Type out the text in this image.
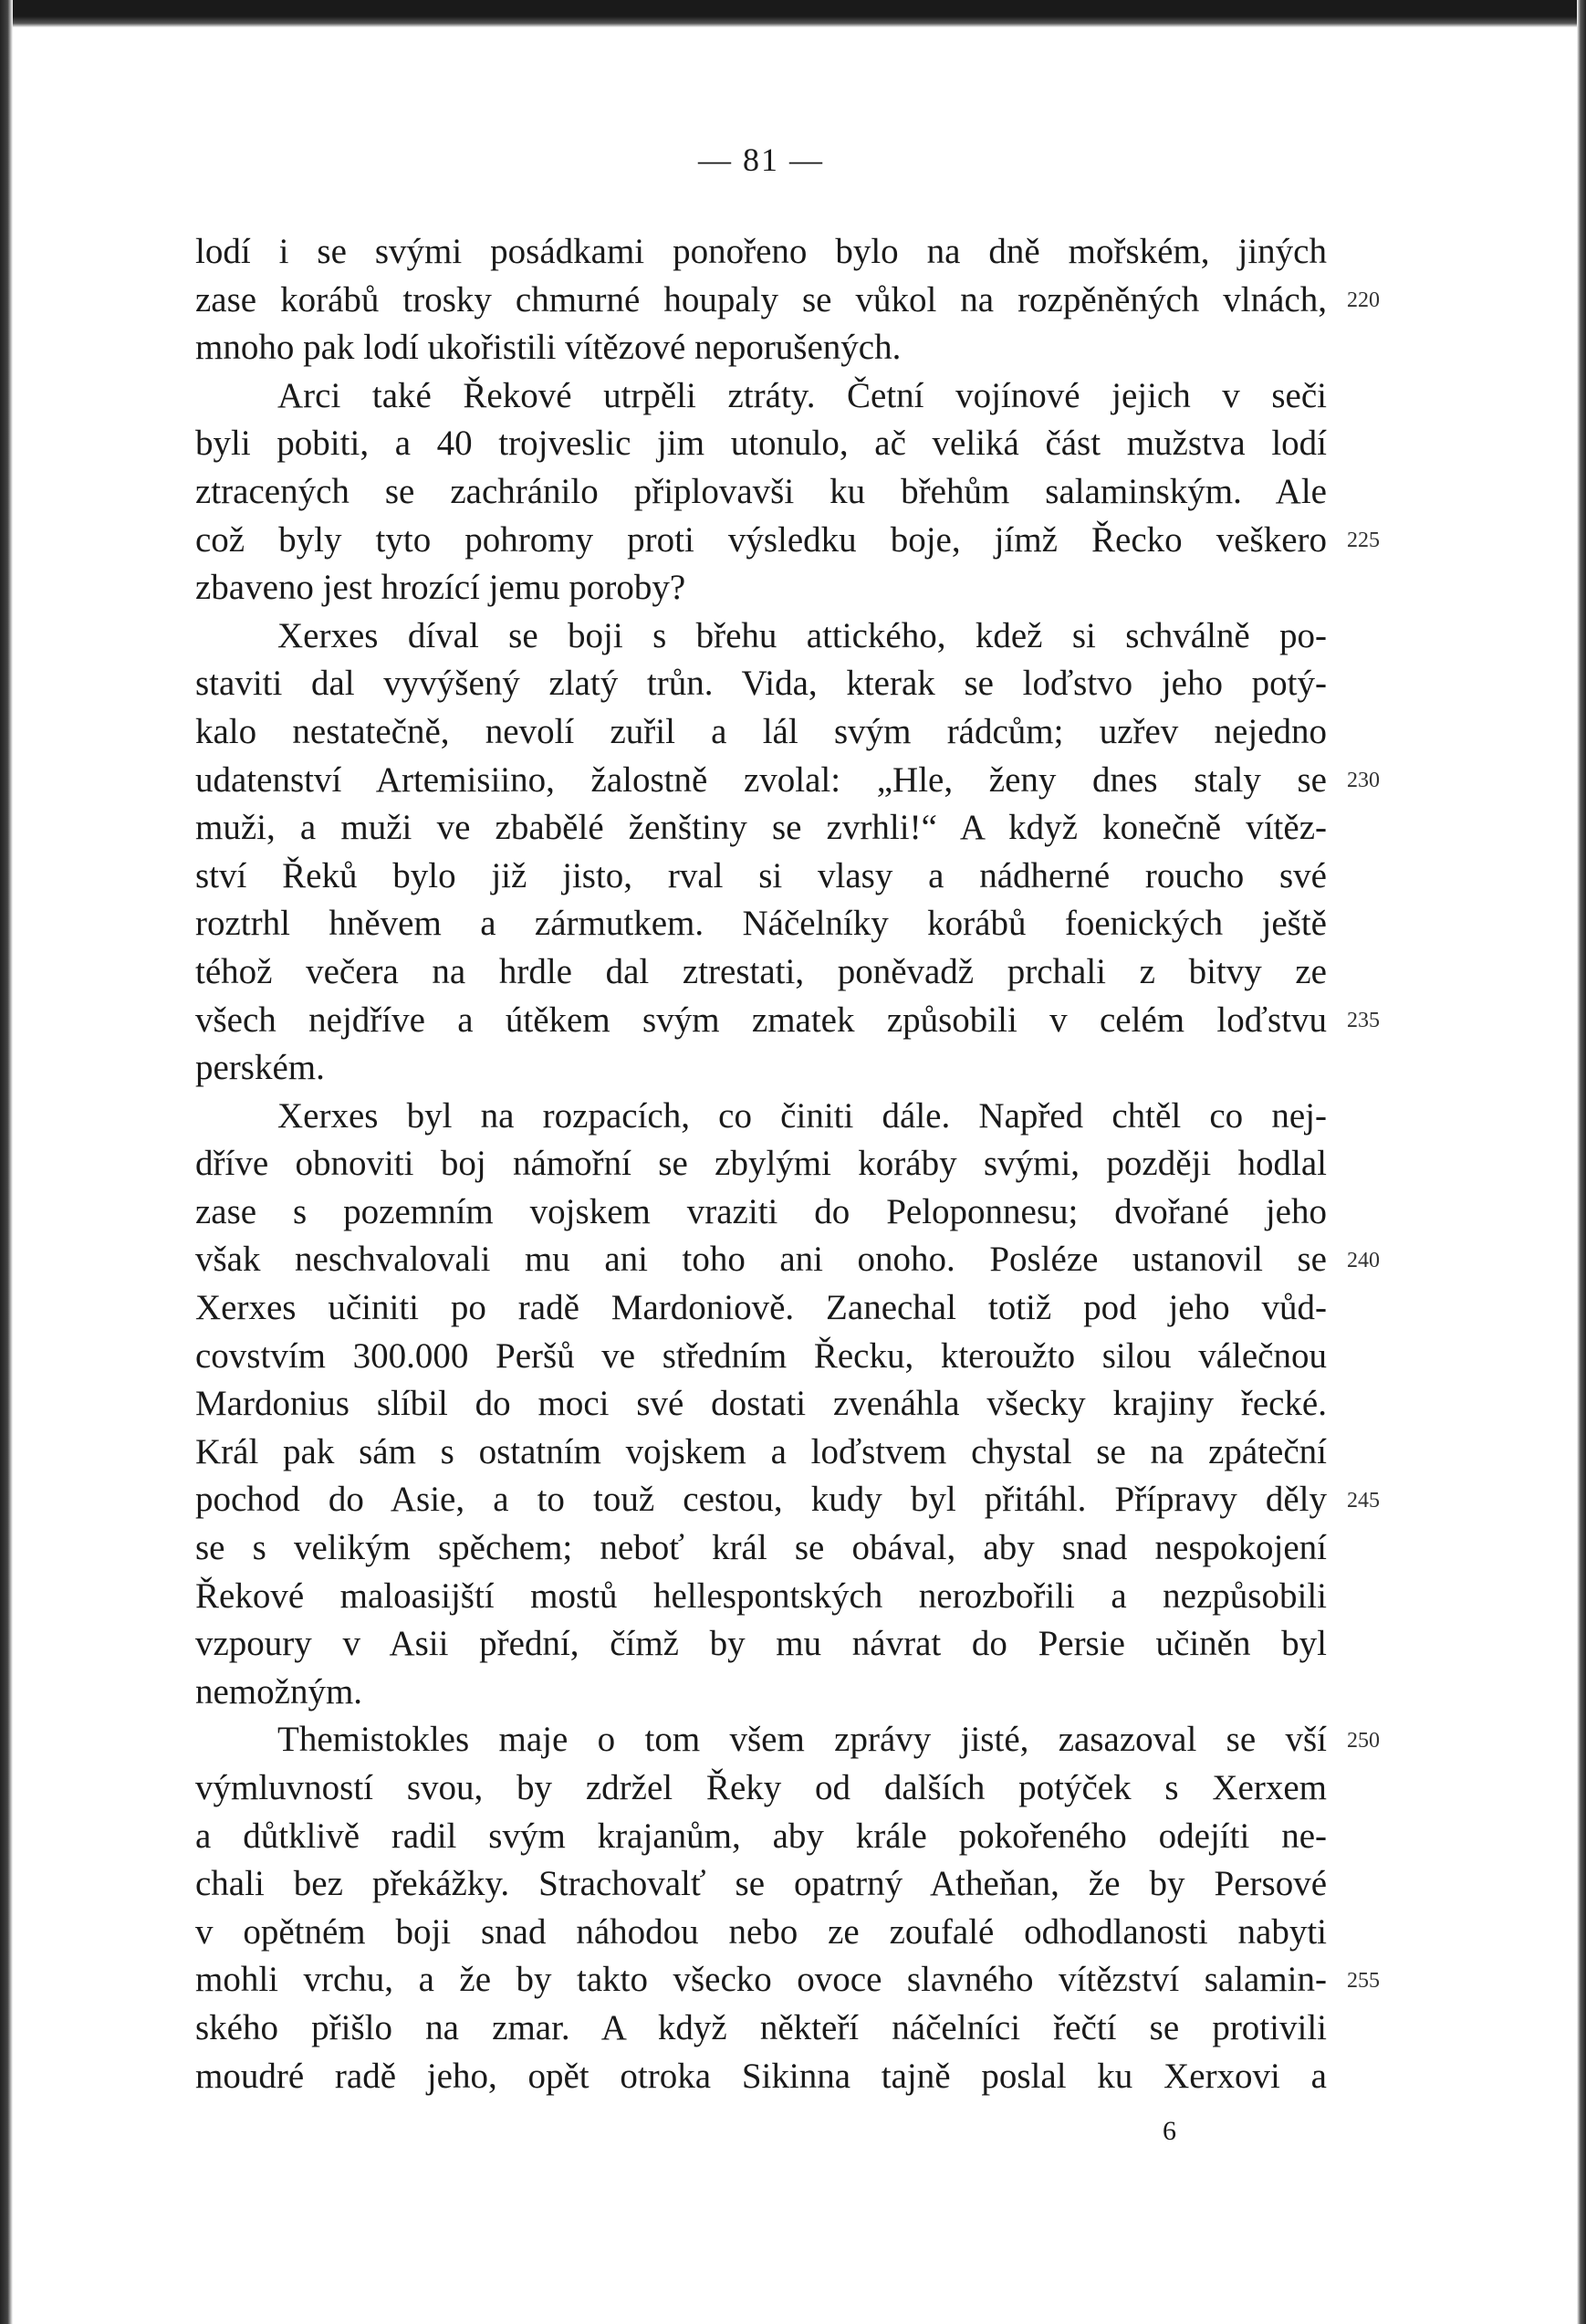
— 81 —
lodí i se svými posádkami ponořeno bylo na dně mořském, jiných
zase korábů trosky chmurné houpaly se vůkol na rozpěněných vlnách,
mnoho pak lodí ukořistili vítězové neporušených.
Arci také Řekové utrpěli ztráty. Četní vojínové jejich v seči
byli pobiti, a 40 trojveslic jim utonulo, ač veliká část mužstva lodí
ztracených se zachránilo připlovavši ku břehům salaminským. Ale
což byly tyto pohromy proti výsledku boje, jímž Řecko veškero
zbaveno jest hrozící jemu poroby?
Xerxes díval se boji s břehu attického, kdež si schválně po-
staviti dal vyvýšený zlatý trůn. Vida, kterak se loďstvo jeho potý-
kalo nestatečně, nevolí zuřil a lál svým rádcům; uzřev nejedno
udatenství Artemisiino, žalostně zvolal: „Hle, ženy dnes staly se
muži, a muži ve zbabělé ženštiny se zvrhli!“ A když konečně vítěz-
ství Řeků bylo již jisto, rval si vlasy a nádherné roucho své
roztrhl hněvem a zármutkem. Náčelníky korábů foenických ještě
téhož večera na hrdle dal ztrestati, poněvadž prchali z bitvy ze
všech nejdříve a útěkem svým zmatek způsobili v celém loďstvu
perském.
Xerxes byl na rozpacích, co činiti dále. Napřed chtěl co nej-
dříve obnoviti boj námořní se zbylými koráby svými, později hodlal
zase s pozemním vojskem vraziti do Peloponnesu; dvořané jeho
však neschvalovali mu ani toho ani onoho. Posléze ustanovil se
Xerxes učiniti po radě Mardoniově. Zanechal totiž pod jeho vůd-
covstvím 300.000 Peršů ve středním Řecku, kteroužto silou válečnou
Mardonius slíbil do moci své dostati zvenáhla všecky krajiny řecké.
Král pak sám s ostatním vojskem a loďstvem chystal se na zpáteční
pochod do Asie, a to touž cestou, kudy byl přitáhl. Přípravy děly
se s velikým spěchem; neboť král se obával, aby snad nespokojení
Řekové maloasijští mostů hellespontských nerozbořili a nezpůsobili
vzpoury v Asii přední, čímž by mu návrat do Persie učiněn byl
nemožným.
Themistokles maje o tom všem zprávy jisté, zasazoval se vší
výmluvností svou, by zdržel Řeky od dalších potýček s Xerxem
a důtklivě radil svým krajanům, aby krále pokořeného odejíti ne-
chali bez překážky. Strachovalť se opatrný Atheňan, že by Persové
v opětném boji snad náhodou nebo ze zoufalé odhodlanosti nabyti
mohli vrchu, a že by takto všecko ovoce slavného vítězství salamin-
ského přišlo na zmar. A když někteří náčelníci řečtí se protivili
moudré radě jeho, opět otroka Sikinna tajně poslal ku Xerxovi a
220
225
230
235
240
245
250
255
6
